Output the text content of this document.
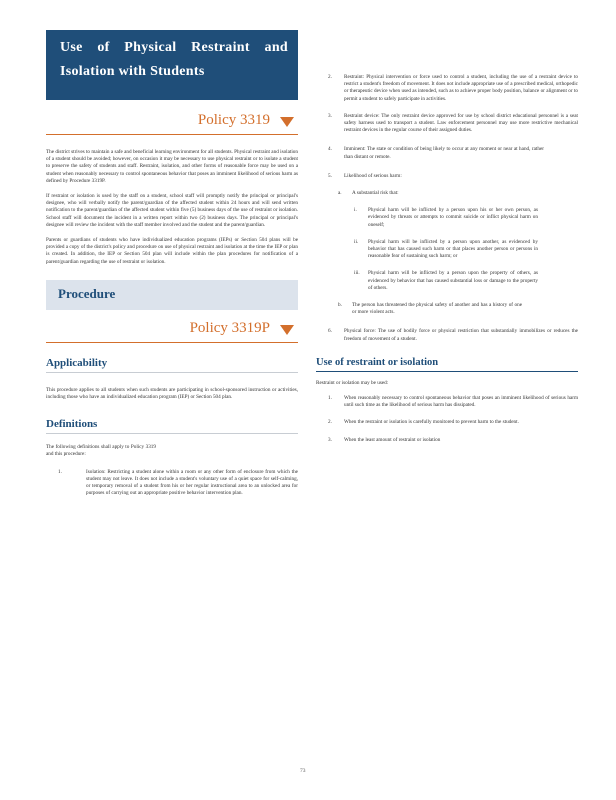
Use of Physical Restraint and
Isolation with Students
Policy 3319

The district strives to maintain a safe and beneficial learning environment for all students. Physical restraint and isolation of a student should be avoided; however, on occasion it may be necessary to use physical restraint or to isolate a student to preserve the safety of students and staff. Restraint, isolation, and other forms of reasonable force may be used on a student when reasonably necessary to control spontaneous behavior that poses an imminent likelihood of serious harm as defined by Procedure 3319P.

If restraint or isolation is used by the staff on a student, school staff will promptly notify the principal or principal's designee, who will verbally notify the parent/guardian of the affected student within 24 hours and will send written notification to the parent/guardian of the affected student within five (5) business days of the use of restraint or isolation. School staff will document the incident in a written report within two (2) business days. The principal or principal's designee will review the incident with the staff member involved and the student and the parent/guardian.

Parents or guardians of students who have individualized education programs (IEPs) or Section 504 plans will be provided a copy of the district's policy and procedure on use of physical restraint and isolation at the time the IEP or plan is created. In addition, the IEP or Section 504 plan will include within the plan procedures for notification of a parent/guardian regarding the use of restraint or isolation.

Procedure
Policy 3319P
Applicability

This procedure applies to all students when such students are participating in school-sponsored instruction or activities, including those who have an individualized education program (IEP) or Section 504 plan.

Definitions

The following definitions shall apply to Policy 3319 and this procedure:

1.	Isolation: Restricting a student alone within a room or any other form of enclosure from which the student may not leave. It does not include a student's voluntary use of a quiet space for self-calming, or temporary removal of a student from his or her regular instructional area to an unlocked area for purposes of carrying out an appropriate positive behavior intervention plan.
2. Restraint: Physical intervention or force used to control a student, including the use of a restraint device to restrict a student's freedom of movement. It does not include appropriate use of a prescribed medical, orthopedic or therapeutic device when used as intended, such as to achieve proper body position, balance or alignment or to permit a student to safely participate in activities.
3. Restraint device: The only restraint device approved for use by school district educational personnel is a seat safety harness used to transport a student. Law enforcement personnel may use more restrictive mechanical restraint devices in the regular course of their assigned duties.
4. Imminent: The state or condition of being likely to occur at any moment or near at hand, rather than distant or remote.
5. Likelihood of serious harm:
a. A substantial risk that:
i. Physical harm will be inflicted by a person upon his or her own person, as evidenced by threats or attempts to commit suicide or inflict physical harm on oneself;
ii. Physical harm will be inflicted by a person upon another, as evidenced by behavior that has caused such harm or that places another person or persons in reasonable fear of sustaining such harm; or
iii. Physical harm will be inflicted by a person upon the property of others, as evidenced by behavior that has caused substantial loss or damage to the property of others.
b. The person has threatened the physical safety of another and has a history of one or more violent acts.
6. Physical force: The use of bodily force or physical restriction that substantially immobilizes or reduces the freedom of movement of a student.
Use of restraint or isolation

Restraint or isolation may be used:

1. When reasonably necessary to control spontaneous behavior that poses an imminent likelihood of serious harm until such time as the likelihood of serious harm has dissipated.
2. When the restraint or isolation is carefully monitored to prevent harm to the student.
3. When the least amount of restraint or isolation
73
